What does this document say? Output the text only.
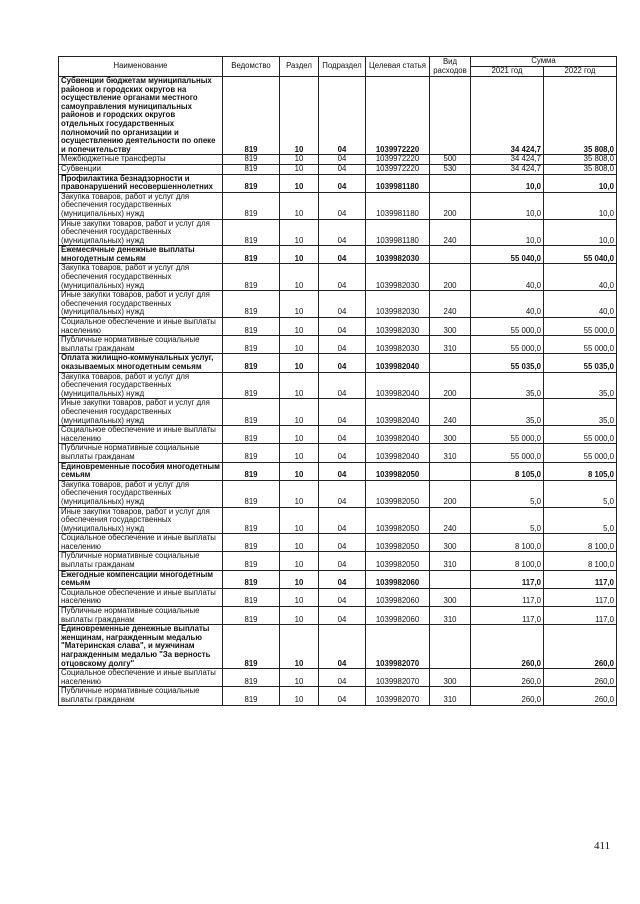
Наименование	Ведомство	Раздел	Подраздел	Целевая статья	Вид расходов	Сумма	
						2021 год	2022 год
Субвенции бюджетам муниципальных районов и городских округов на осуществление органами местного самоуправления муниципальных районов и городских округов отдельных государственных полномочий по организации и осуществлению деятельности по опеке и попечительству	819	10	04	1039972220		34 424,7	35 808,0
Межбюджетные трансферты	819	10	04	1039972220	500	34 424,7	35 808,0
Субвенции	819	10	04	1039972220	530	34 424,7	35 808,0
Профилактика безнадзорности и правонарушений несовершеннолетних	819	10	04	1039981180		10,0	10,0
Закупка товаров, работ и услуг для обеспечения государственных (муниципальных) нужд	819	10	04	1039981180	200	10,0	10,0
Иные закупки товаров, работ и услуг для обеспечения государственных (муниципальных) нужд	819	10	04	1039981180	240	10,0	10,0
Ежемесячные денежные выплаты многодетным семьям	819	10	04	1039982030		55 040,0	55 040,0
Закупка товаров, работ и услуг для обеспечения государственных (муниципальных) нужд	819	10	04	1039982030	200	40,0	40,0
Иные закупки товаров, работ и услуг для обеспечения государственных (муниципальных) нужд	819	10	04	1039982030	240	40,0	40,0
Социальное обеспечение и иные выплаты населению	819	10	04	1039982030	300	55 000,0	55 000,0
Публичные нормативные социальные выплаты гражданам	819	10	04	1039982030	310	55 000,0	55 000,0
Оплата жилищно-коммунальных услуг, оказываемых многодетным семьям	819	10	04	1039982040		55 035,0	55 035,0
Закупка товаров, работ и услуг для обеспечения государственных (муниципальных) нужд	819	10	04	1039982040	200	35,0	35,0
Иные закупки товаров, работ и услуг для обеспечения государственных (муниципальных) нужд	819	10	04	1039982040	240	35,0	35,0
Социальное обеспечение и иные выплаты населению	819	10	04	1039982040	300	55 000,0	55 000,0
Публичные нормативные социальные выплаты гражданам	819	10	04	1039982040	310	55 000,0	55 000,0
Единовременные пособия многодетным семьям	819	10	04	1039982050		8 105,0	8 105,0
Закупка товаров, работ и услуг для обеспечения государственных (муниципальных) нужд	819	10	04	1039982050	200	5,0	5,0
Иные закупки товаров, работ и услуг для обеспечения государственных (муниципальных) нужд	819	10	04	1039982050	240	5,0	5,0
Социальное обеспечение и иные выплаты населению	819	10	04	1039982050	300	8 100,0	8 100,0
Публичные нормативные социальные выплаты гражданам	819	10	04	1039982050	310	8 100,0	8 100,0
Ежегодные компенсации многодетным семьям	819	10	04	1039982060		117,0	117,0
Социальное обеспечение и иные выплаты населению	819	10	04	1039982060	300	117,0	117,0
Публичные нормативные социальные выплаты гражданам	819	10	04	1039982060	310	117,0	117,0
Единовременные денежные выплаты женщинам, награжденным медалью "Материнская слава", и мужчинам награжденным медалью "За верность отцовскому долгу"	819	10	04	1039982070		260,0	260,0
Социальное обеспечение и иные выплаты населению	819	10	04	1039982070	300	260,0	260,0
Публичные нормативные социальные выплаты гражданам	819	10	04	1039982070	310	260,0	260,0
411
